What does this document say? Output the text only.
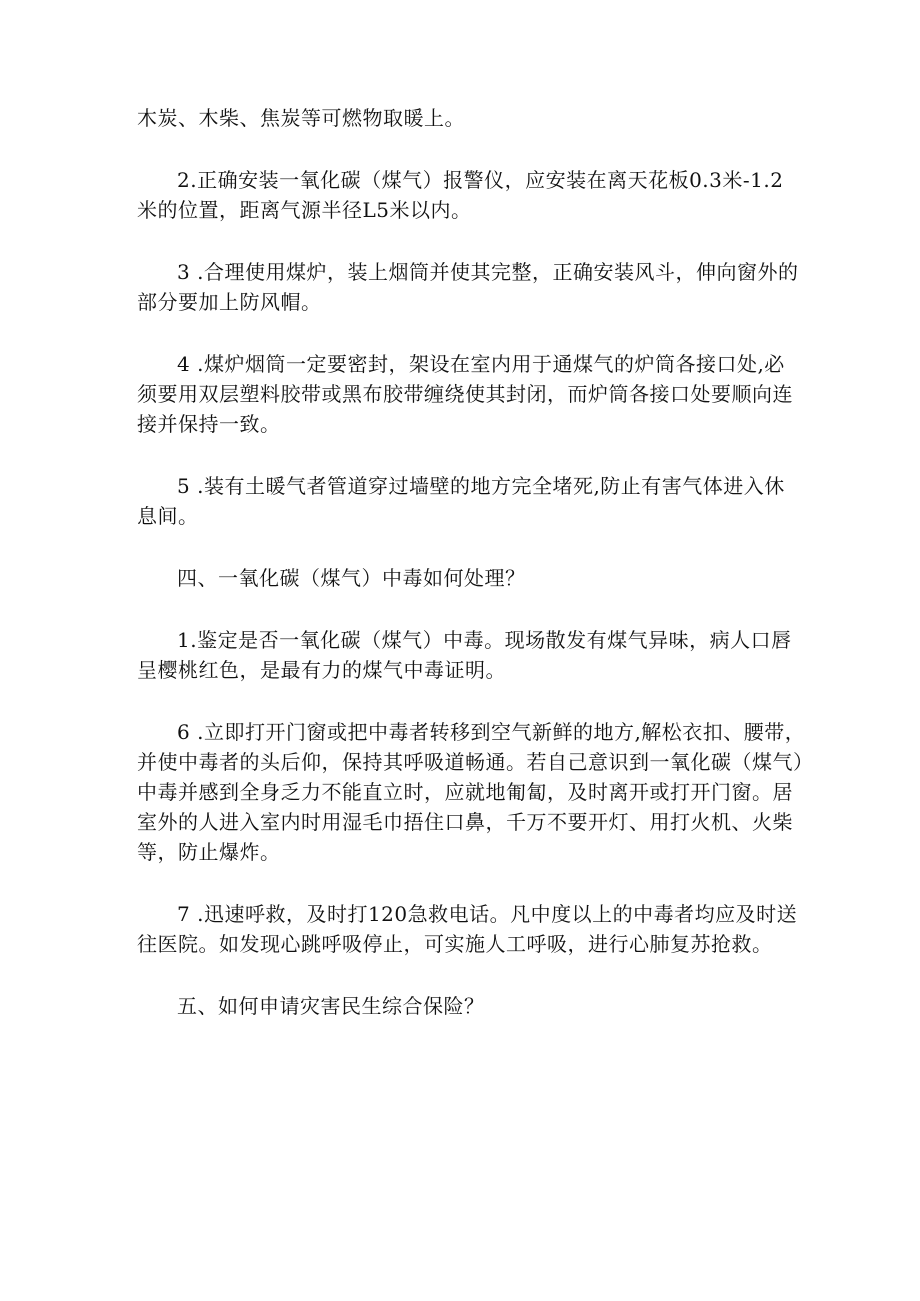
木炭、木柴、焦炭等可燃物取暖上。
2.正确安装一氧化碳（煤气）报警仪，应安装在离天花板0.3米-1.2
米的位置，距离气源半径L5米以内。
3 .合理使用煤炉，装上烟筒并使其完整，正确安装风斗，伸向窗外的
部分要加上防风帽。
4 .煤炉烟筒一定要密封，架设在室内用于通煤气的炉筒各接口处,必
须要用双层塑料胶带或黑布胶带缠绕使其封闭，而炉筒各接口处要顺向连
接并保持一致。
5 .装有土暖气者管道穿过墙壁的地方完全堵死,防止有害气体进入休
息间。
四、一氧化碳（煤气）中毒如何处理？
1.鉴定是否一氧化碳（煤气）中毒。现场散发有煤气异味，病人口唇
呈樱桃红色，是最有力的煤气中毒证明。
6 .立即打开门窗或把中毒者转移到空气新鲜的地方,解松衣扣、腰带，
并使中毒者的头后仰，保持其呼吸道畅通。若自己意识到一氧化碳（煤气）
中毒并感到全身乏力不能直立时，应就地匍匐，及时离开或打开门窗。居
室外的人进入室内时用湿毛巾捂住口鼻，千万不要开灯、用打火机、火柴
等，防止爆炸。
7 .迅速呼救，及时打120急救电话。凡中度以上的中毒者均应及时送
往医院。如发现心跳呼吸停止，可实施人工呼吸，进行心肺复苏抢救。
五、如何申请灾害民生综合保险？
